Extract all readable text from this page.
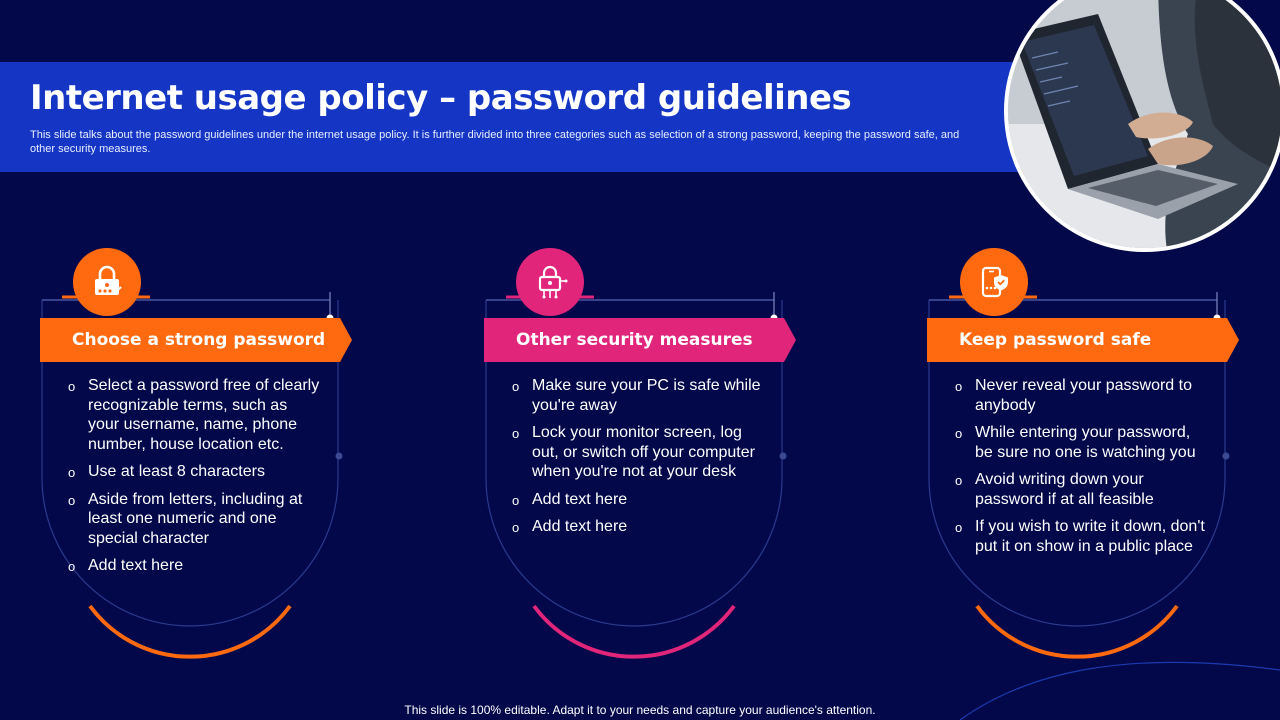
Internet usage policy – password guidelines

This slide talks about the password guidelines under the internet usage policy. It is further divided into three categories such as selection of a strong password, keeping the password safe, and other security measures.

Choose a strong password
o Select a password free of clearly recognizable terms, such as your username, name, phone number, house location etc.
o Use at least 8 characters
o Aside from letters, including at least one numeric and one special character
o Add text here
Other security measures
o Make sure your PC is safe while you're away
o Lock your monitor screen, log out, or switch off your computer when you're not at your desk
o Add text here
o Add text here
Keep password safe
o Never reveal your password to anybody
o While entering your password, be sure no one is watching you
o Avoid writing down your password if at all feasible
o If you wish to write it down, don't put it on show in a public place
This slide is 100% editable. Adapt it to your needs and capture your audience's attention.
